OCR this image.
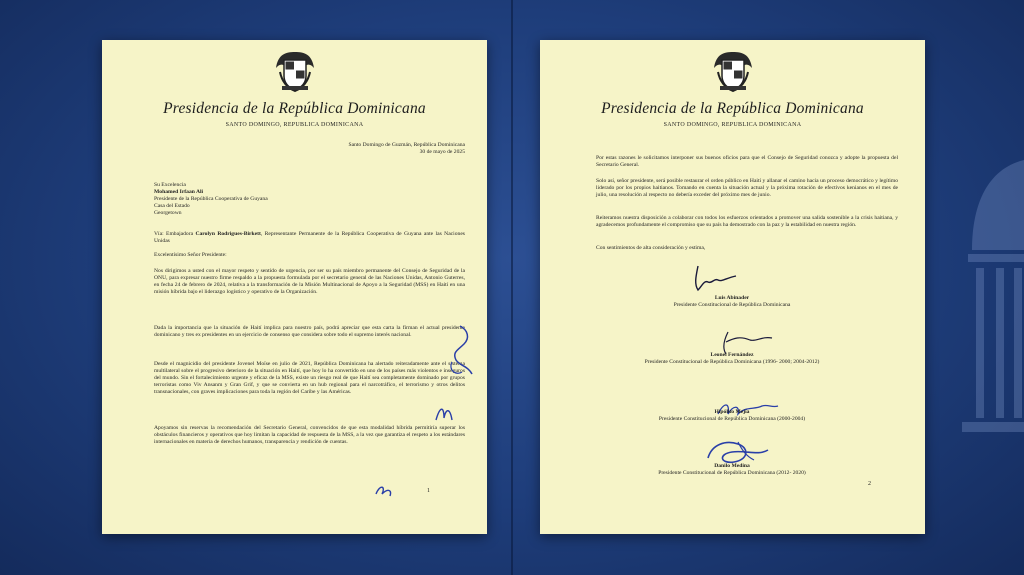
Presidencia de la República Dominicana
SANTO DOMINGO, REPUBLICA DOMINICANA
Santo Domingo de Guzmán, República Dominicana
30 de mayo de 2025
Su Excelencia
Mohamed Irfaan Ali
Presidente de la República Cooperativa de Guyana
Casa del Estado
Georgetown
Vía: Embajadora Carolyn Rodrigues-Birkett, Representante Permanente de la República Cooperativa de Guyana ante las Naciones Unidas
Excelentísimo Señor Presidente:
Nos dirigimos a usted con el mayor respeto y sentido de urgencia, por ser su país miembro permanente del Consejo de Seguridad de la ONU, para expresar nuestro firme respaldo a la propuesta formulada por el secretario general de las Naciones Unidas, Antonio Guterres, en fecha 24 de febrero de 2024, relativa a la transformación de la Misión Multinacional de Apoyo a la Seguridad (MSS) en Haití en una misión híbrida bajo el liderazgo logístico y operativo de la Organización.
Dada la importancia que la situación de Haití implica para nuestro país, podrá apreciar que esta carta la firman el actual presidente dominicano y tres ex presidentes en un ejercicio de consenso que considera sobre todo el supremo interés nacional.
Desde el magnicidio del presidente Jovenel Moïse en julio de 2021, República Dominicana ha alertado reiteradamente ante el sistema multilateral sobre el progresivo deterioro de la situación en Haití, que hoy lo ha convertido en uno de los países más violentos e inseguros del mundo. Sin el fortalecimiento urgente y eficaz de la MSS, existe un riesgo real de que Haití sea completamente dominado por grupos terroristas como Viv Ansanm y Gran Grif, y que se convierta en un hub regional para el narcotráfico, el terrorismo y otros delitos transnacionales, con graves implicaciones para toda la región del Caribe y las Américas.
Apoyamos sin reservas la recomendación del Secretario General, convencidos de que esta modalidad híbrida permitiría superar los obstáculos financieros y operativos que hoy limitan la capacidad de respuesta de la MSS, a la vez que garantiza el respeto a los estándares internacionales en materia de derechos humanos, transparencia y rendición de cuentas.
1
Presidencia de la República Dominicana
SANTO DOMINGO, REPUBLICA DOMINICANA
Por estas razones le solicitamos interponer sus buenos oficios para que el Consejo de Seguridad conozca y adopte la propuesta del Secretario General.
Solo así, señor presidente, será posible restaurar el orden público en Haití y allanar el camino hacia un proceso democrático y legítimo liderado por los propios haitianos. Tomando en cuenta la situación actual y la próxima rotación de efectivos kenianos en el mes de julio, una resolución al respecto no debería exceder del próximo mes de junio.
Reiteramos nuestra disposición a colaborar con todos los esfuerzos orientados a promover una salida sostenible a la crisis haitiana, y agradecemos profundamente el compromiso que su país ha demostrado con la paz y la estabilidad en nuestra región.
Con sentimientos de alta consideración y estima,
Luis Abinader
Presidente Constitucional de República Dominicana
Leonel Fernández
Presidente Constitucional de República Dominicana (1996- 2000; 2004-2012)
Hipólito Mejía
Presidente Constitucional de República Dominicana (2000-2004)
Danilo Medina
Presidente Constitucional de República Dominicana (2012- 2020)
2
